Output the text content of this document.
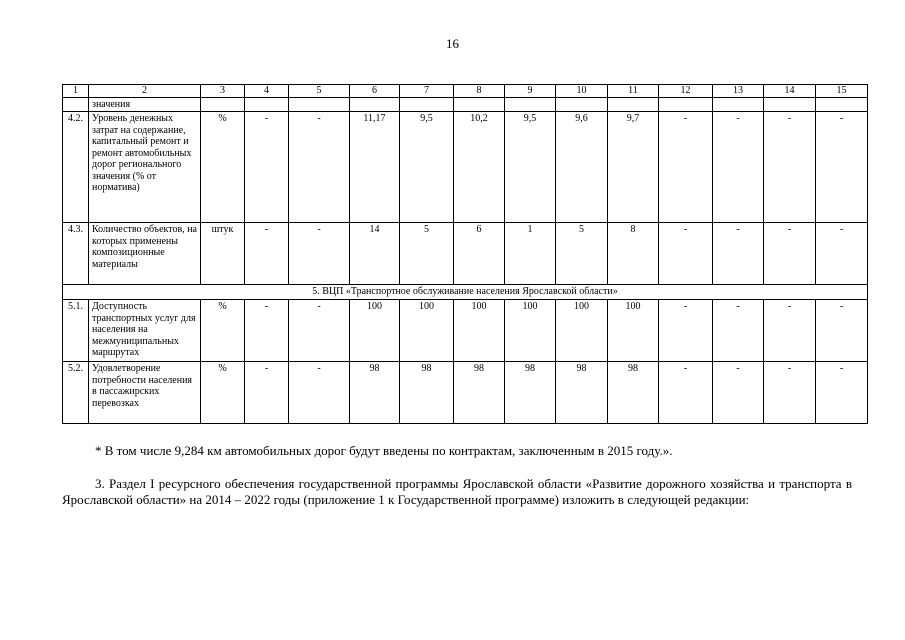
16
1	2	3	4	5	6	7	8	9	10	11	12	13	14	15
	значения													
4.2.	Уровень денежных затрат на содержание, капитальный ремонт и ремонт автомобильных дорог регионального значения (% от норматива)	%	-	-	11,17	9,5	10,2	9,5	9,6	9,7	-	-	-	-
4.3.	Количество объектов, на которых применены композиционные материалы	штук	-	-	14	5	6	1	5	8	-	-	-	-
5. ВЦП «Транспортное обслуживание населения Ярославской области»														
5.1.	Доступность транспортных услуг для населения на межмуниципальных маршрутах	%	-	-	100	100	100	100	100	100	-	-	-	-
5.2.	Удовлетворение потребности населения в пассажирских перевозках	%	-	-	98	98	98	98	98	98	-	-	-	-
* В том числе 9,284 км автомобильных дорог будут введены по контрактам, заключенным в 2015 году.».
3. Раздел I ресурсного обеспечения государственной программы Ярославской области «Развитие дорожного хозяйства и транспорта в Ярославской области» на 2014 – 2022 годы (приложение 1 к Государственной программе) изложить в следующей редакции:
